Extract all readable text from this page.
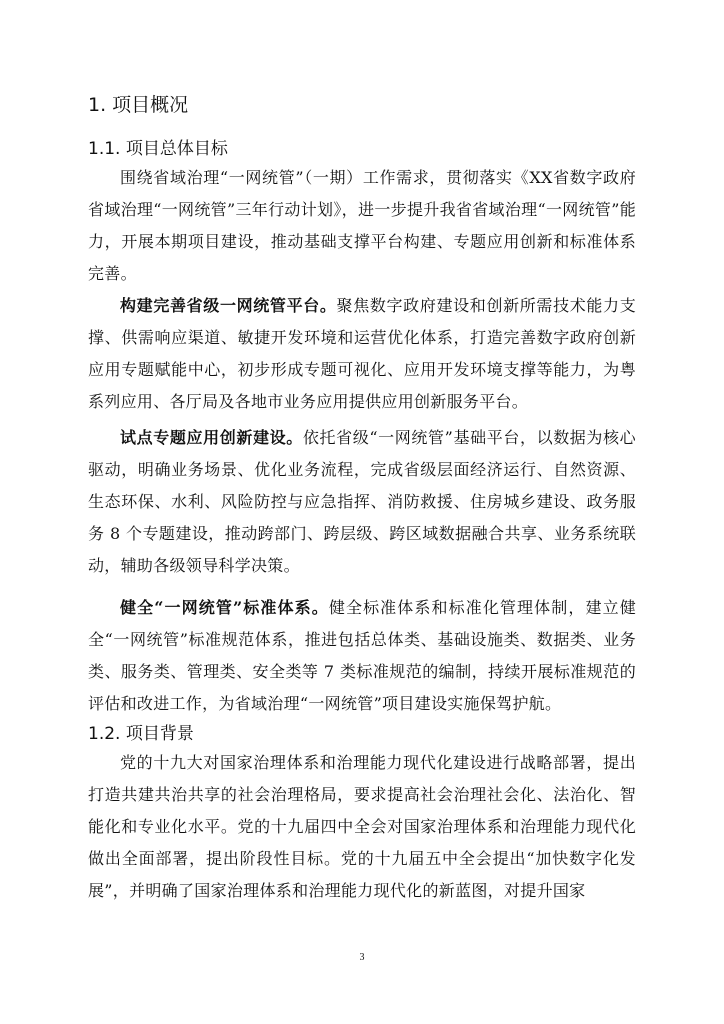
1. 项目概况
1.1. 项目总体目标
围绕省域治理“一网统管”（一期）工作需求，贯彻落实《XX省数字政府省域治理“一网统管”三年行动计划》，进一步提升我省省域治理“一网统管”能力，开展本期项目建设，推动基础支撑平台构建、专题应用创新和标准体系完善。
构建完善省级一网统管平台。聚焦数字政府建设和创新所需技术能力支撑、供需响应渠道、敏捷开发环境和运营优化体系，打造完善数字政府创新应用专题赋能中心，初步形成专题可视化、应用开发环境支撑等能力，为粤系列应用、各厅局及各地市业务应用提供应用创新服务平台。
试点专题应用创新建设。依托省级“一网统管”基础平台，以数据为核心驱动，明确业务场景、优化业务流程，完成省级层面经济运行、自然资源、生态环保、水利、风险防控与应急指挥、消防救援、住房城乡建设、政务服务 8 个专题建设，推动跨部门、跨层级、跨区域数据融合共享、业务系统联动，辅助各级领导科学决策。
健全“一网统管”标准体系。健全标准体系和标准化管理体制，建立健全“一网统管”标准规范体系，推进包括总体类、基础设施类、数据类、业务类、服务类、管理类、安全类等 7 类标准规范的编制，持续开展标准规范的评估和改进工作，为省域治理“一网统管”项目建设实施保驾护航。
1.2. 项目背景
党的十九大对国家治理体系和治理能力现代化建设进行战略部署，提出打造共建共治共享的社会治理格局，要求提高社会治理社会化、法治化、智能化和专业化水平。党的十九届四中全会对国家治理体系和治理能力现代化做出全面部署，提出阶段性目标。党的十九届五中全会提出“加快数字化发展”，并明确了国家治理体系和治理能力现代化的新蓝图，对提升国家
3
